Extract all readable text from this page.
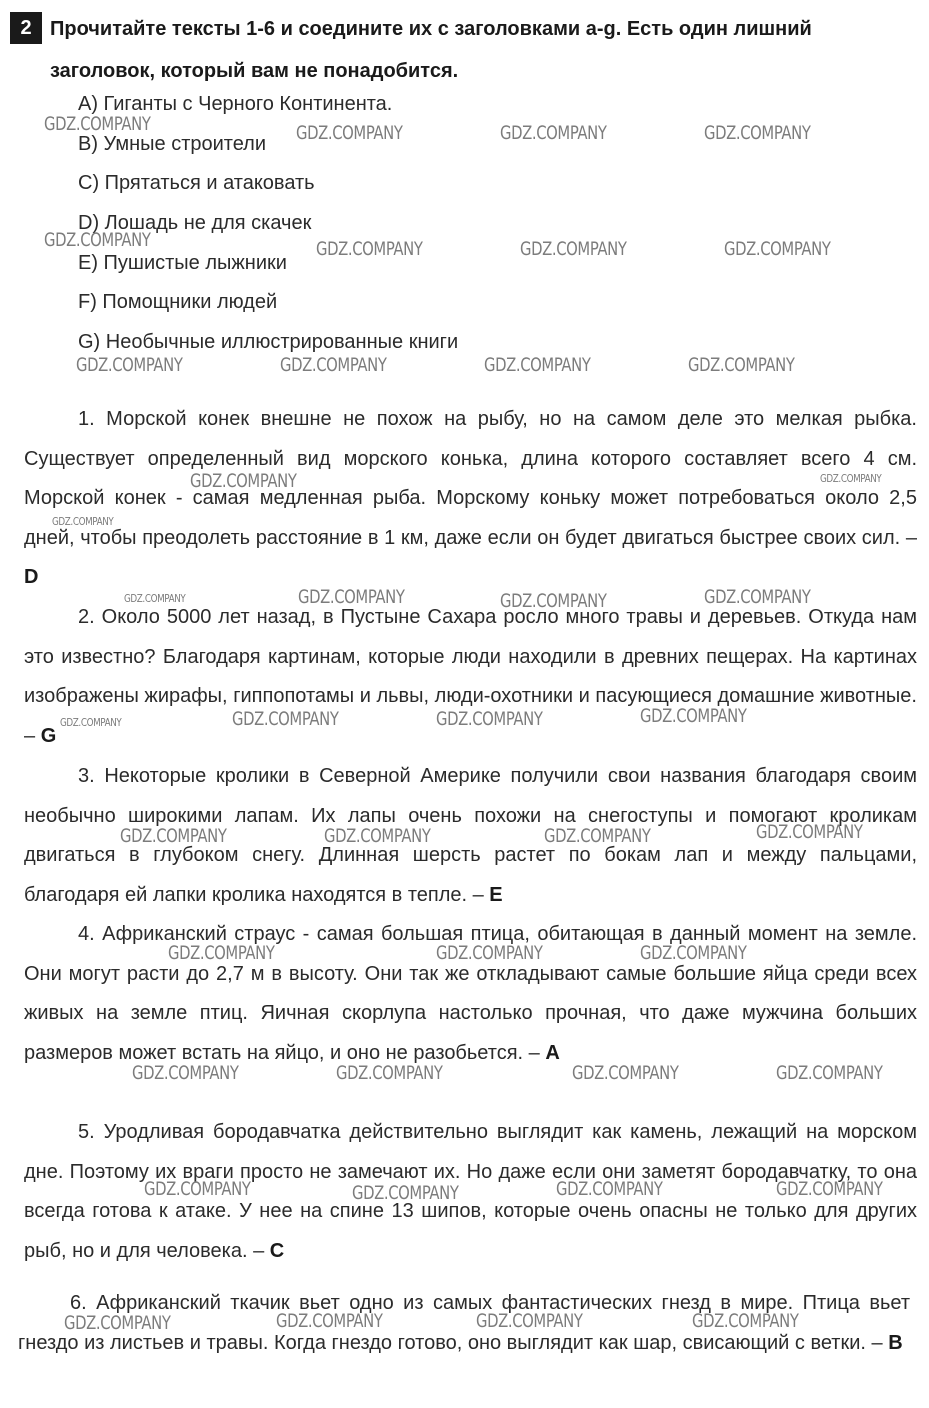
2 Прочитайте тексты 1-6 и соедините их с заголовками a-g. Есть один лишний заголовок, который вам не понадобится.

A) Гиганты с Черного Континента.
B) Умные строители
C) Прятаться и атаковать
D) Лошадь не для скачек
E) Пушистые лыжники
F) Помощники людей
G) Необычные иллюстрированные книги

1. Морской конек внешне не похож на рыбу, но на самом деле это мелкая рыбка. Существует определенный вид морского конька, длина которого составляет всего 4 см. Морской конек - самая медленная рыба. Морскому коньку может потребоваться около 2,5 дней, чтобы преодолеть расстояние в 1 км, даже если он будет двигаться быстрее своих сил. – D

2. Около 5000 лет назад, в Пустыне Сахара росло много травы и деревьев. Откуда нам это известно? Благодаря картинам, которые люди находили в древних пещерах. На картинах изображены жирафы, гиппопотамы и львы, люди-охотники и пасующиеся домашние животные. – G

3. Некоторые кролики в Северной Америке получили свои названия благодаря своим необычно широкими лапам. Их лапы очень похожи на снегоступы и помогают кроликам двигаться в глубоком снегу. Длинная шерсть растет по бокам лап и между пальцами, благодаря ей лапки кролика находятся в тепле. – E

4. Африканский страус - самая большая птица, обитающая в данный момент на земле. Они могут расти до 2,7 м в высоту. Они так же откладывают самые большие яйца среди всех живых на земле птиц. Яичная скорлупа настолько прочная, что даже мужчина больших размеров может встать на яйцо, и оно не разобьется. – A

5. Уродливая бородавчатка действительно выглядит как камень, лежащий на морском дне. Поэтому их враги просто не замечают их. Но даже если они заметят бородавчатку, то она всегда готова к атаке. У нее на спине 13 шипов, которые очень опасны не только для других рыб, но и для человека. – C

6. Африканский ткачик вьет одно из самых фантастических гнезд в мире. Птица вьет гнездо из листьев и травы. Когда гнездо готово, оно выглядит как шар, свисающий с ветки. – B

GDZ.COMPANY	GDZ.COMPANY	GDZ.COMPANY	GDZ.COMPANY
GDZ.COMPANY	GDZ.COMPANY	GDZ.COMPANY	GDZ.COMPANY
GDZ.COMPANY	GDZ.COMPANY	GDZ.COMPANY	GDZ.COMPANY
GDZ.COMPANY	GDZ.COMPANY
GDZ.COMPANY
GDZ.COMPANY	GDZ.COMPANY	GDZ.COMPANY	GDZ.COMPANY
GDZ.COMPANY	GDZ.COMPANY	GDZ.COMPANY	GDZ.COMPANY
GDZ.COMPANY	GDZ.COMPANY	GDZ.COMPANY	GDZ.COMPANY
GDZ.COMPANY	GDZ.COMPANY	GDZ.COMPANY
GDZ.COMPANY	GDZ.COMPANY	GDZ.COMPANY	GDZ.COMPANY
GDZ.COMPANY	GDZ.COMPANY	GDZ.COMPANY	GDZ.COMPANY
GDZ.COMPANY	GDZ.COMPANY	GDZ.COMPANY	GDZ.COMPANY
